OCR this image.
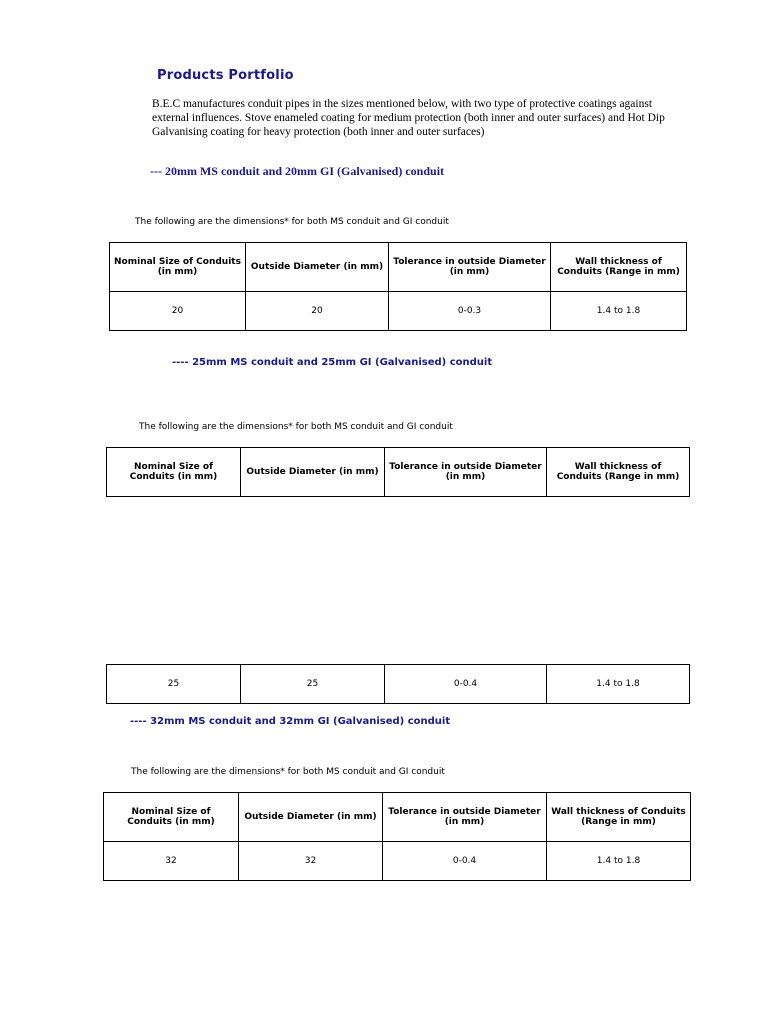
Products Portfolio
B.E.C manufactures conduit pipes in the sizes mentioned below, with two type of protective coatings against external influences. Stove enameled coating for medium protection (both inner and outer surfaces) and Hot Dip Galvanising coating for heavy protection (both inner and outer surfaces)
--- 20mm MS conduit and 20mm GI (Galvanised) conduit
The following are the dimensions* for both MS conduit and GI conduit
Nominal Size of Conduits (in mm)	Outside Diameter (in mm)	Tolerance in outside Diameter (in mm)	Wall thickness of Conduits (Range in mm)
20	20	0-0.3	1.4 to 1.8
---- 25mm MS conduit and 25mm GI (Galvanised) conduit
The following are the dimensions* for both MS conduit and GI conduit
Nominal Size of Conduits (in mm)	Outside Diameter (in mm)	Tolerance in outside Diameter (in mm)	Wall thickness of Conduits (Range in mm)
25	25	0-0.4	1.4 to 1.8
---- 32mm MS conduit and 32mm GI (Galvanised) conduit
The following are the dimensions* for both MS conduit and GI conduit
Nominal Size of Conduits (in mm)	Outside Diameter (in mm)	Tolerance in outside Diameter (in mm)	Wall thickness of Conduits (Range in mm)
32	32	0-0.4	1.4 to 1.8
